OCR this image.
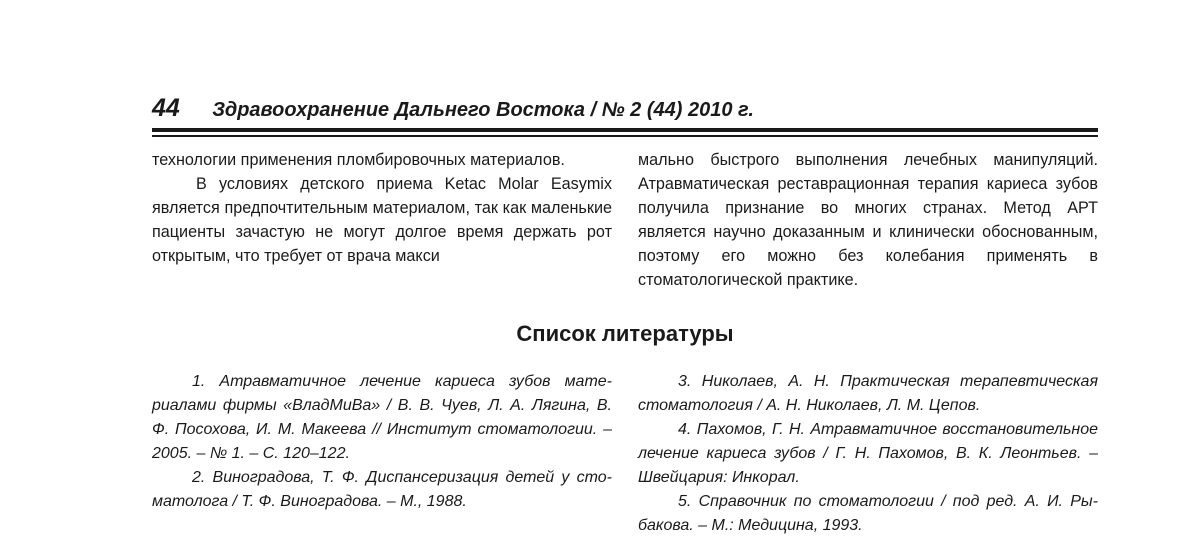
44 Здравоохранение Дальнего Востока / № 2 (44) 2010 г.

технологии применения пломбировочных материалов.

В условиях детского приема Ketac Molar Easymix является предпочтительным материалом, так как маленькие пациенты зачастую не могут долгое время держать рот открытым, что требует от врача макси

мально быстрого выполнения лечебных манипуляций. Атравматическая реставрационная терапия кариеса зубов получила признание во многих странах. Метод АРТ является научно доказанным и клинически обоснованным, поэтому его можно без колебания применять в стоматологической практике.

Список литературы

1. Атравматичное лечение кариеса зубов материалами фирмы «ВладМиВа» / В. В. Чуев, Л. А. Лягина, В. Ф. Посохова, И. М. Макеева // Институт стоматологии. – 2005. – № 1. – С. 120–122.

2. Виноградова, Т. Ф. Диспансеризация детей у стоматолога / Т. Ф. Виноградова. – М., 1988.

3. Николаев, А. Н. Практическая терапевтическая стоматология / А. Н. Николаев, Л. М. Цепов.

4. Пахомов, Г. Н. Атравматичное восстановительное лечение кариеса зубов / Г. Н. Пахомов, В. К. Леонтьев. – Швейцария: Инкорал.

5. Справочник по стоматологии / под ред. А. И. Рыбакова. – М.: Медицина, 1993.
